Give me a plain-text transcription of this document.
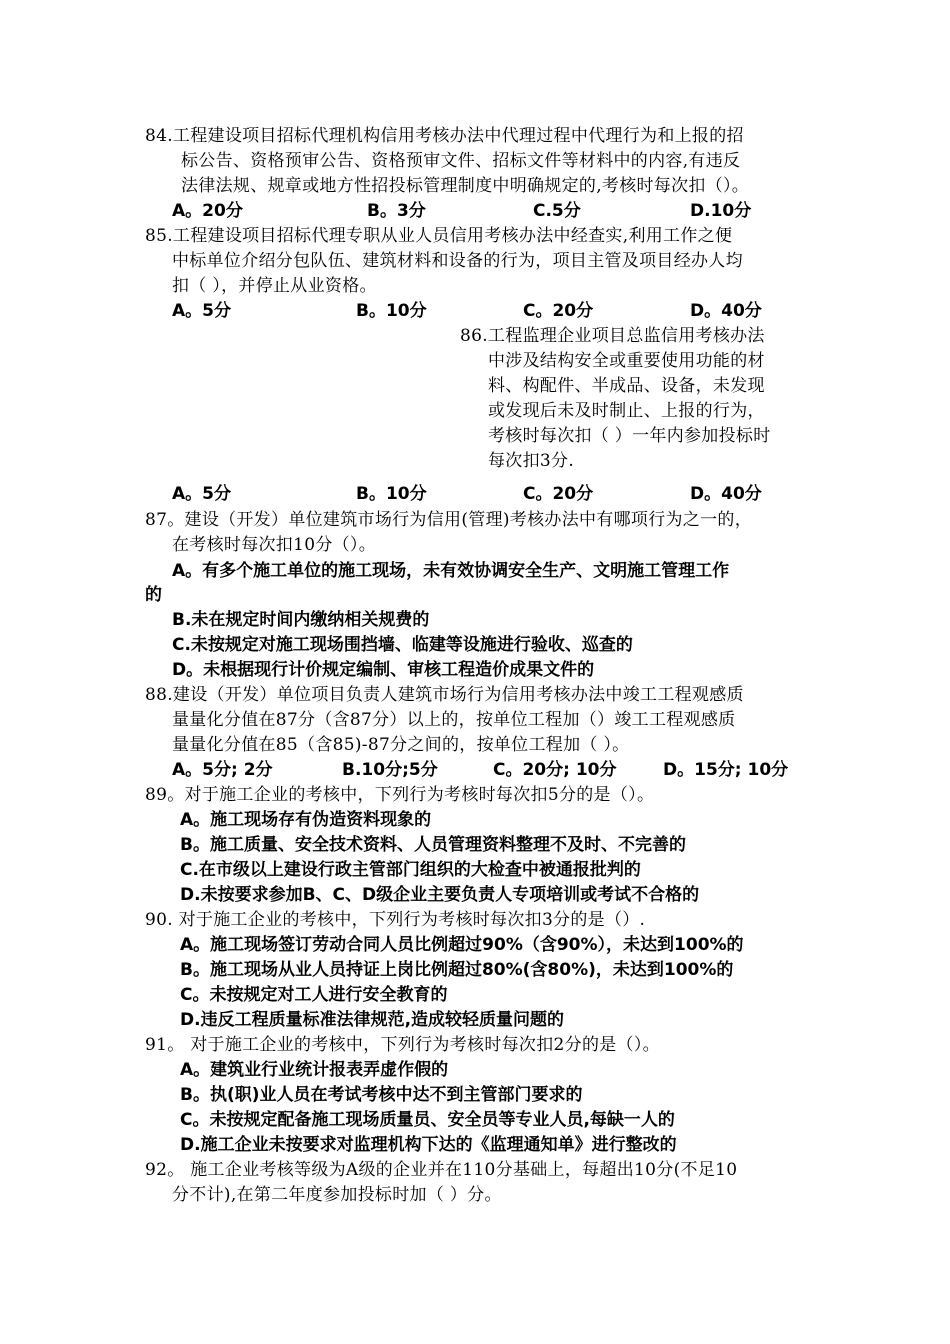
84.工程建设项目招标代理机构信用考核办法中代理过程中代理行为和上报的招
标公告、资格预审公告、资格预审文件、招标文件等材料中的内容,有违反
法律法规、规章或地方性招投标管理制度中明确规定的,考核时每次扣（）。
A。20分	B。3分	C.5分	D.10分
85.工程建设项目招标代理专职从业人员信用考核办法中经查实,利用工作之便
中标单位介绍分包队伍、建筑材料和设备的行为，项目主管及项目经办人均
扣（ ），并停止从业资格。
A。5分	B。10分	C。20分	D。40分
86.工程监理企业项目总监信用考核办法
中涉及结构安全或重要使用功能的材
料、构配件、半成品、设备，未发现
或发现后未及时制止、上报的行为，
考核时每次扣（ ）一年内参加投标时
每次扣3分.
A。5分	B。10分	C。20分	D。40分
87。建设（开发）单位建筑市场行为信用(管理)考核办法中有哪项行为之一的，
在考核时每次扣10分（）。
A。有多个施工单位的施工现场，未有效协调安全生产、文明施工管理工作
的
B.未在规定时间内缴纳相关规费的
C.未按规定对施工现场围挡墙、临建等设施进行验收、巡查的
D。未根据现行计价规定编制、审核工程造价成果文件的
88.建设（开发）单位项目负责人建筑市场行为信用考核办法中竣工工程观感质
量量化分值在87分（含87分）以上的，按单位工程加（）竣工工程观感质
量量化分值在85（含85)-87分之间的，按单位工程加（ ）。
A。5分; 2分	B.10分;5分	C。20分; 10分	D。15分; 10分
89。对于施工企业的考核中，下列行为考核时每次扣5分的是（）。
A。施工现场存有伪造资料现象的
B。施工质量、安全技术资料、人员管理资料整理不及时、不完善的
C.在市级以上建设行政主管部门组织的大检查中被通报批判的
D.未按要求参加B、C、D级企业主要负责人专项培训或考试不合格的
90. 对于施工企业的考核中，下列行为考核时每次扣3分的是（）.
A。施工现场签订劳动合同人员比例超过90%（含90%），未达到100%的
B。施工现场从业人员持证上岗比例超过80%(含80%)，未达到100%的
C。未按规定对工人进行安全教育的
D.违反工程质量标准法律规范,造成较轻质量问题的
91。 对于施工企业的考核中，下列行为考核时每次扣2分的是（）。
A。建筑业行业统计报表弄虚作假的
B。执(职)业人员在考试考核中达不到主管部门要求的
C。未按规定配备施工现场质量员、安全员等专业人员,每缺一人的
D.施工企业未按要求对监理机构下达的《监理通知单》进行整改的
92。 施工企业考核等级为A级的企业并在110分基础上，每超出10分(不足10
分不计),在第二年度参加投标时加（ ）分。
